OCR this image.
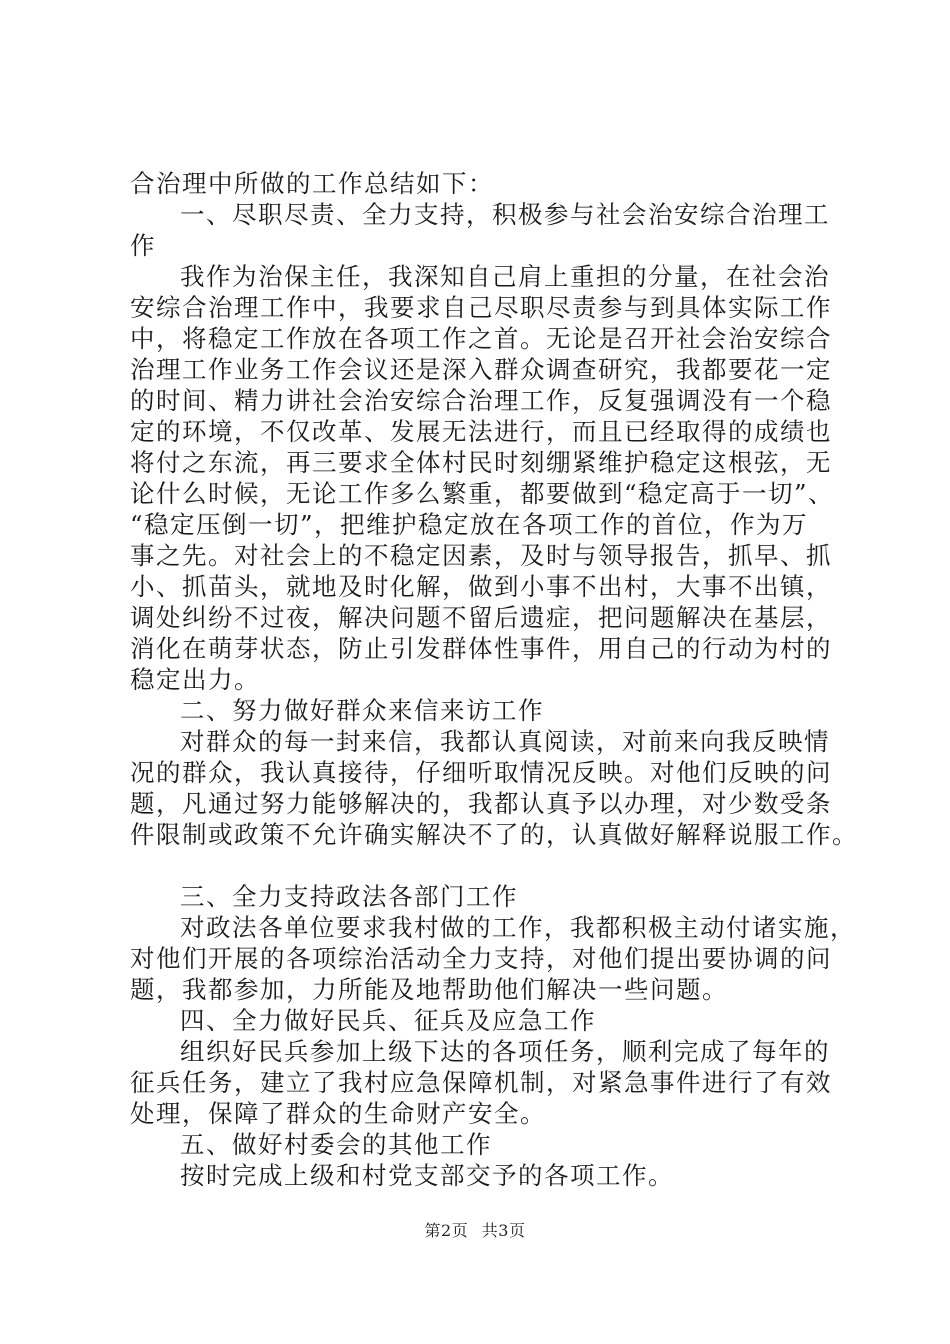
合治理中所做的工作总结如下：
一、尽职尽责、全力支持，积极参与社会治安综合治理工
作
我作为治保主任，我深知自己肩上重担的分量，在社会治
安综合治理工作中，我要求自己尽职尽责参与到具体实际工作
中，将稳定工作放在各项工作之首。无论是召开社会治安综合
治理工作业务工作会议还是深入群众调查研究，我都要花一定
的时间、精力讲社会治安综合治理工作，反复强调没有一个稳
定的环境，不仅改革、发展无法进行，而且已经取得的成绩也
将付之东流，再三要求全体村民时刻绷紧维护稳定这根弦，无
论什么时候，无论工作多么繁重，都要做到“稳定高于一切”、
“稳定压倒一切”，把维护稳定放在各项工作的首位，作为万
事之先。对社会上的不稳定因素，及时与领导报告，抓早、抓
小、抓苗头，就地及时化解，做到小事不出村，大事不出镇，
调处纠纷不过夜，解决问题不留后遗症，把问题解决在基层，
消化在萌芽状态，防止引发群体性事件，用自己的行动为村的
稳定出力。
二、努力做好群众来信来访工作
对群众的每一封来信，我都认真阅读，对前来向我反映情
况的群众，我认真接待，仔细听取情况反映。对他们反映的问
题，凡通过努力能够解决的，我都认真予以办理，对少数受条
件限制或政策不允许确实解决不了的，认真做好解释说服工作。
三、全力支持政法各部门工作
对政法各单位要求我村做的工作，我都积极主动付诸实施，
对他们开展的各项综治活动全力支持，对他们提出要协调的问
题，我都参加，力所能及地帮助他们解决一些问题。
四、全力做好民兵、征兵及应急工作
组织好民兵参加上级下达的各项任务，顺利完成了每年的
征兵任务，建立了我村应急保障机制，对紧急事件进行了有效
处理，保障了群众的生命财产安全。
五、做好村委会的其他工作
按时完成上级和村党支部交予的各项工作。
第2页 共3页
